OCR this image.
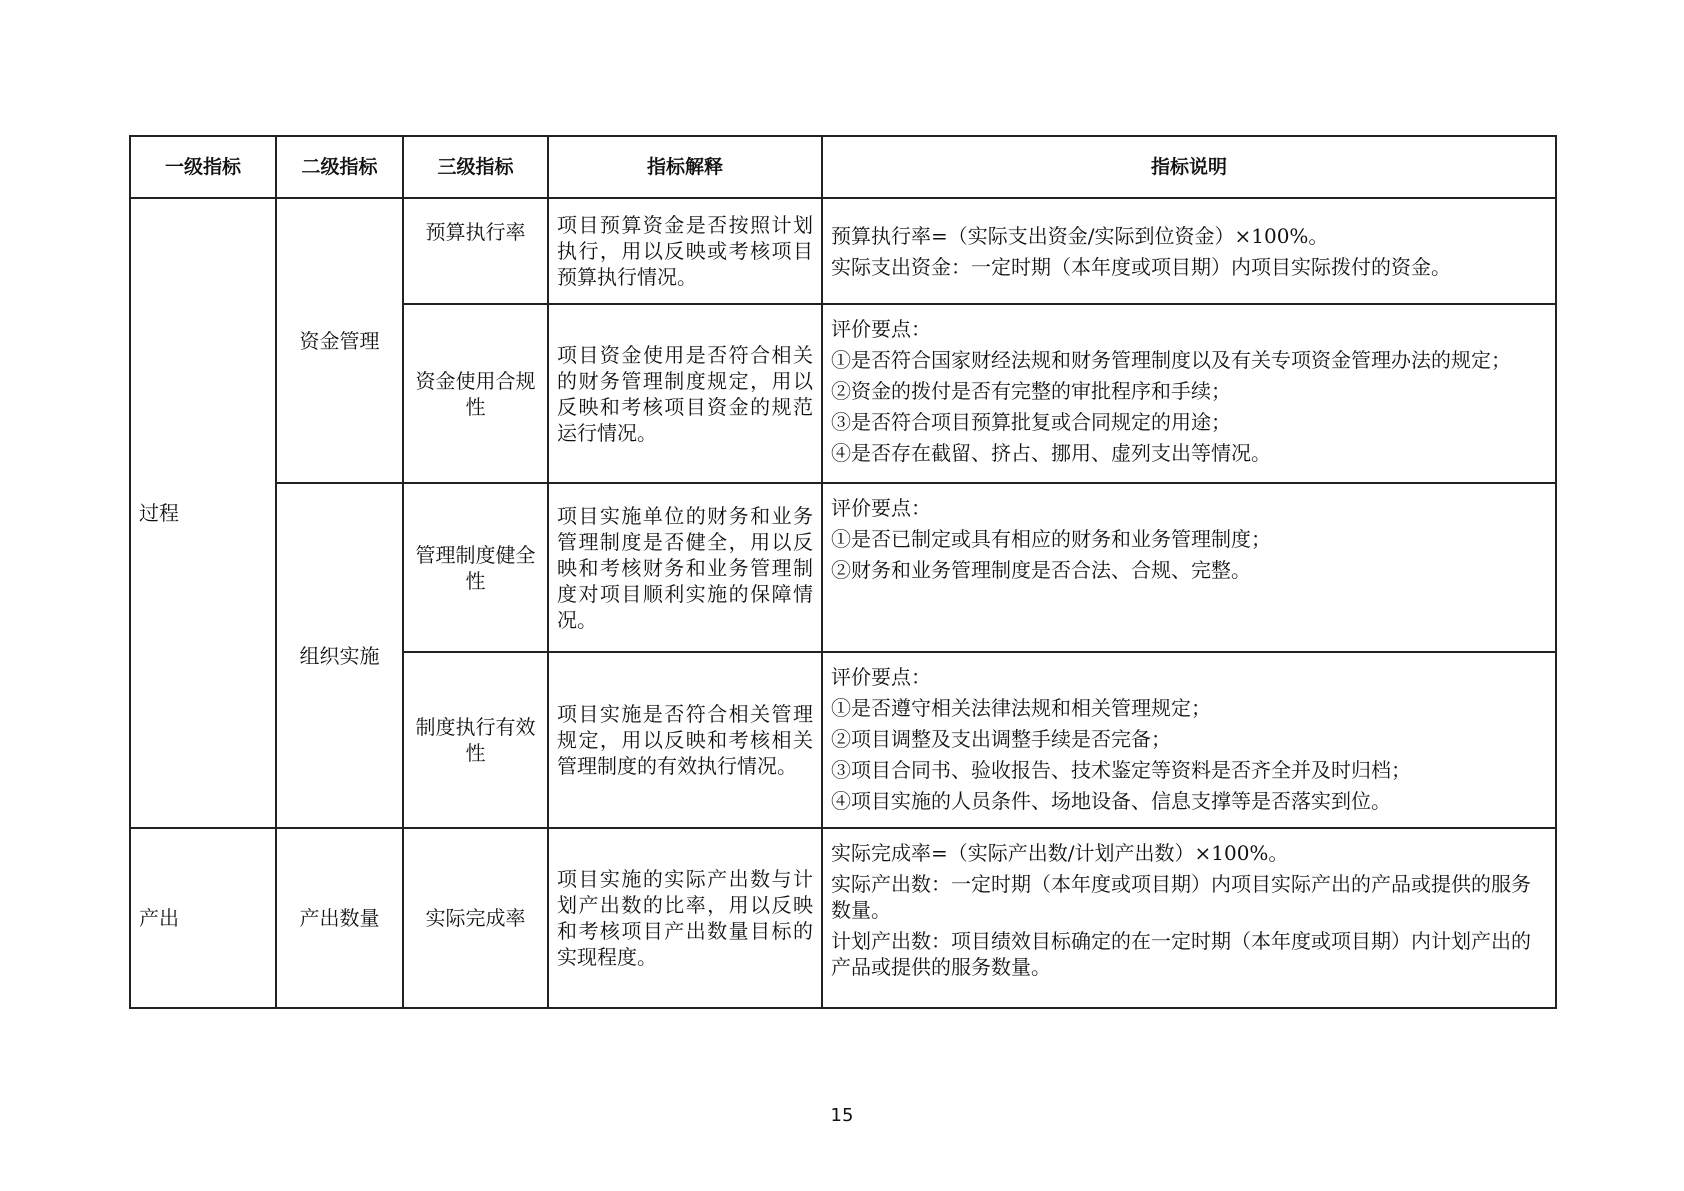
一级指标	二级指标	三级指标	指标解释	指标说明
过程	资金管理	预算执行率	项目预算资金是否按照计划执行，用以反映或考核项目预算执行情况。	预算执行率=（实际支出资金/实际到位资金）×100%。
实际支出资金：一定时期（本年度或项目期）内项目实际拨付的资金。

		资金使用合规性	项目资金使用是否符合相关的财务管理制度规定，用以反映和考核项目资金的规范运行情况。	评价要点：
①是否符合国家财经法规和财务管理制度以及有关专项资金管理办法的规定；
②资金的拨付是否有完整的审批程序和手续；
③是否符合项目预算批复或合同规定的用途；
④是否存在截留、挤占、挪用、虚列支出等情况。

	组织实施	管理制度健全性	项目实施单位的财务和业务管理制度是否健全，用以反映和考核财务和业务管理制度对项目顺利实施的保障情况。	评价要点：
①是否已制定或具有相应的财务和业务管理制度；
②财务和业务管理制度是否合法、合规、完整。

		制度执行有效性	项目实施是否符合相关管理规定，用以反映和考核相关管理制度的有效执行情况。	评价要点：
①是否遵守相关法律法规和相关管理规定；
②项目调整及支出调整手续是否完备；
③项目合同书、验收报告、技术鉴定等资料是否齐全并及时归档；
④项目实施的人员条件、场地设备、信息支撑等是否落实到位。

产出	产出数量	实际完成率	项目实施的实际产出数与计划产出数的比率，用以反映和考核项目产出数量目标的实现程度。	实际完成率=（实际产出数/计划产出数）×100%。
实际产出数：一定时期（本年度或项目期）内项目实际产出的产品或提供的服务数量。
计划产出数：项目绩效目标确定的在一定时期（本年度或项目期）内计划产出的产品或提供的服务数量。
15
